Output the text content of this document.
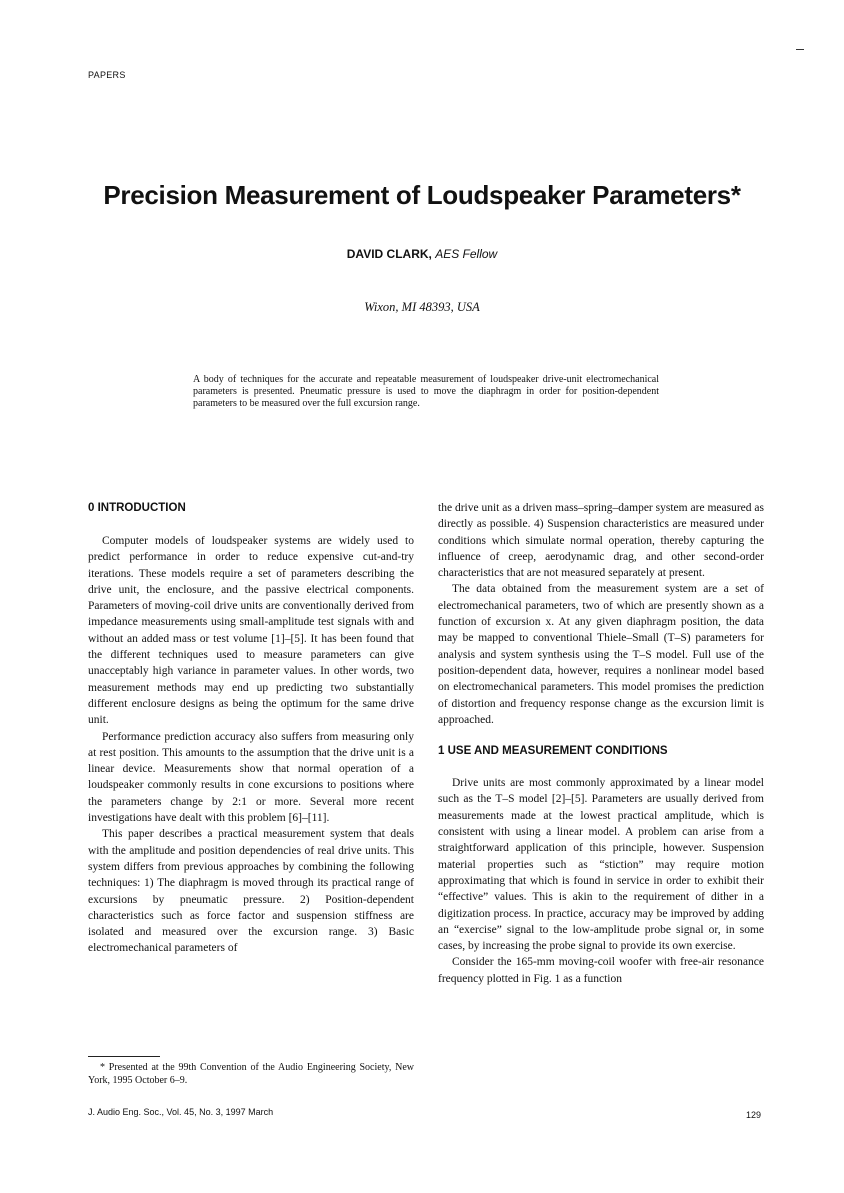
PAPERS
Precision Measurement of Loudspeaker Parameters*
DAVID CLARK, AES Fellow
Wixon, MI 48393, USA
A body of techniques for the accurate and repeatable measurement of loudspeaker drive-unit electromechanical parameters is presented. Pneumatic pressure is used to move the diaphragm in order for position-dependent parameters to be measured over the full excursion range.
0 INTRODUCTION

Computer models of loudspeaker systems are widely used to predict performance in order to reduce expensive cut-and-try iterations. These models require a set of parameters describing the drive unit, the enclosure, and the passive electrical components. Parameters of moving-coil drive units are conventionally derived from impedance measurements using small-amplitude test signals with and without an added mass or test volume [1]–[5]. It has been found that the different techniques used to measure parameters can give unacceptably high variance in parameter values. In other words, two measurement methods may end up predicting two substantially different enclosure designs as being the optimum for the same drive unit.

Performance prediction accuracy also suffers from measuring only at rest position. This amounts to the assumption that the drive unit is a linear device. Measurements show that normal operation of a loudspeaker commonly results in cone excursions to positions where the parameters change by 2:1 or more. Several more recent investigations have dealt with this problem [6]–[11].

This paper describes a practical measurement system that deals with the amplitude and position dependencies of real drive units. This system differs from previous approaches by combining the following techniques: 1) The diaphragm is moved through its practical range of excursions by pneumatic pressure. 2) Position-dependent characteristics such as force factor and suspension stiffness are isolated and measured over the excursion range. 3) Basic electromechanical parameters of

the drive unit as a driven mass–spring–damper system are measured as directly as possible. 4) Suspension characteristics are measured under conditions which simulate normal operation, thereby capturing the influence of creep, aerodynamic drag, and other second-order characteristics that are not measured separately at present.

The data obtained from the measurement system are a set of electromechanical parameters, two of which are presently shown as a function of excursion x. At any given diaphragm position, the data may be mapped to conventional Thiele–Small (T–S) parameters for analysis and system synthesis using the T–S model. Full use of the position-dependent data, however, requires a nonlinear model based on electromechanical parameters. This model promises the prediction of distortion and frequency response change as the excursion limit is approached.

1 USE AND MEASUREMENT CONDITIONS

Drive units are most commonly approximated by a linear model such as the T–S model [2]–[5]. Parameters are usually derived from measurements made at the lowest practical amplitude, which is consistent with using a linear model. A problem can arise from a straightforward application of this principle, however. Suspension material properties such as “stiction” may require motion approximating that which is found in service in order to exhibit their “effective” values. This is akin to the requirement of dither in a digitization process. In practice, accuracy may be improved by adding an “exercise” signal to the low-amplitude probe signal or, in some cases, by increasing the probe signal to provide its own exercise.

Consider the 165-mm moving-coil woofer with free-air resonance frequency plotted in Fig. 1 as a function

* Presented at the 99th Convention of the Audio Engineering Society, New York, 1995 October 6–9.
J. Audio Eng. Soc., Vol. 45, No. 3, 1997 March	129
